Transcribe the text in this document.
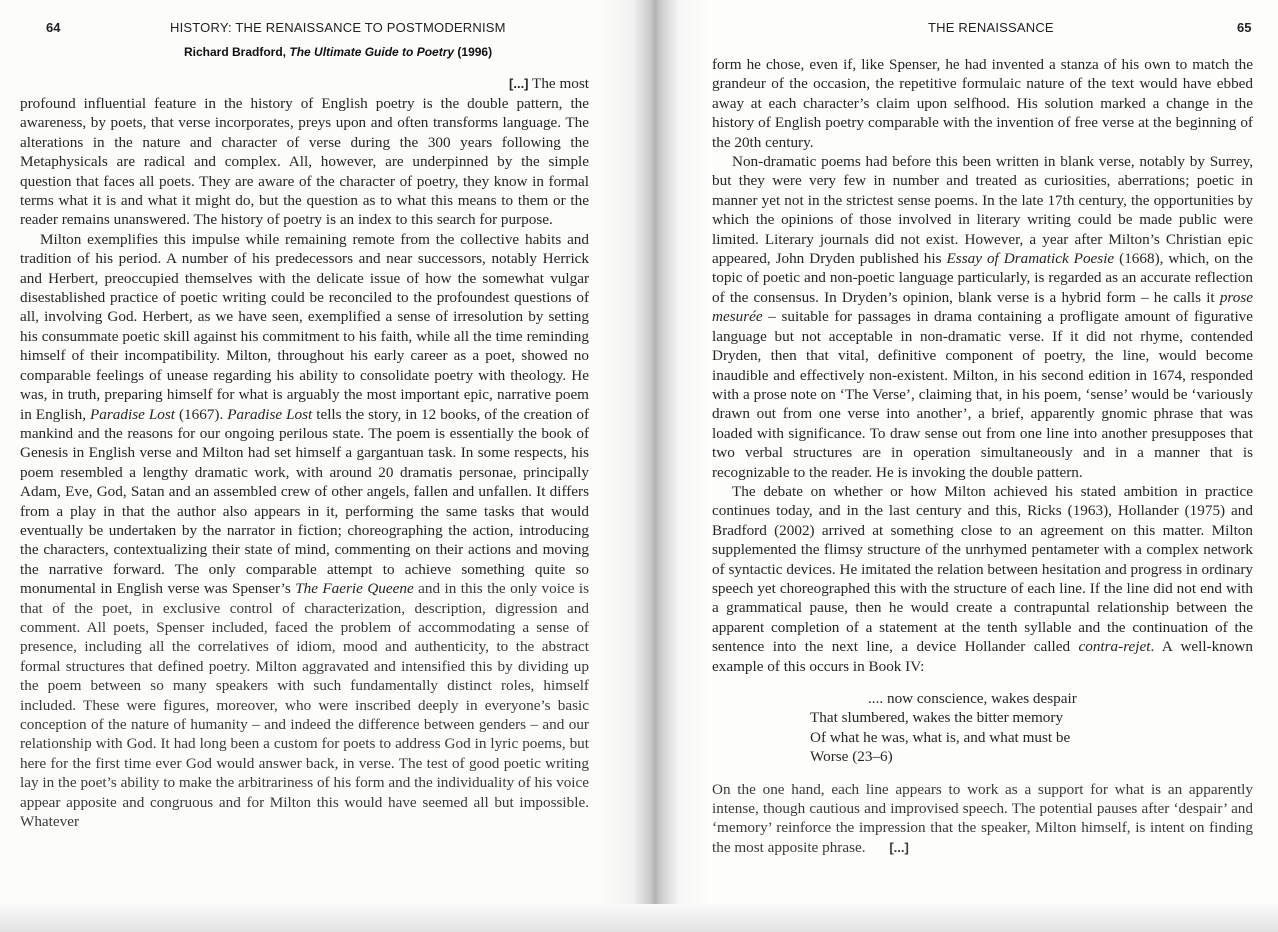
64	HISTORY: THE RENAISSANCE TO POSTMODERNISM
Richard Bradford, The Ultimate Guide to Poetry (1996)
[...] The most

profound influential feature in the history of English poetry is the double pattern, the awareness, by poets, that verse incorporates, preys upon and often transforms language. The alterations in the nature and character of verse during the 300 years following the Metaphysicals are radical and complex. All, however, are underpinned by the simple question that faces all poets. They are aware of the character of poetry, they know in formal terms what it is and what it might do, but the question as to what this means to them or the reader remains unanswered. The history of poetry is an index to this search for purpose.

Milton exemplifies this impulse while remaining remote from the collective habits and tradition of his period. A number of his predecessors and near successors, notably Herrick and Herbert, preoccupied themselves with the delicate issue of how the somewhat vulgar disestablished practice of poetic writing could be reconciled to the profoundest questions of all, involving God. Herbert, as we have seen, exemplified a sense of irresolution by setting his consummate poetic skill against his commitment to his faith, while all the time reminding himself of their incompatibility. Milton, throughout his early career as a poet, showed no comparable feelings of unease regarding his ability to consolidate poetry with theology. He was, in truth, preparing himself for what is arguably the most important epic, narrative poem in English, Paradise Lost (1667). Paradise Lost tells the story, in 12 books, of the creation of mankind and the reasons for our ongoing perilous state. The poem is essentially the book of Genesis in English verse and Milton had set himself a gargantuan task. In some respects, his poem resembled a lengthy dramatic work, with around 20 dramatis personae, principally Adam, Eve, God, Satan and an assembled crew of other angels, fallen and unfallen. It differs from a play in that the author also appears in it, performing the same tasks that would eventually be undertaken by the narrator in fiction; choreographing the action, introducing the characters, contextualizing their state of mind, commenting on their actions and moving the narrative forward. The only comparable attempt to achieve something quite so monumental in English verse was Spenser’s The Faerie Queene and in this the only voice is that of the poet, in exclusive control of characterization, description, digression and comment. All poets, Spenser included, faced the problem of accommodating a sense of presence, including all the correlatives of idiom, mood and authenticity, to the abstract formal structures that defined poetry. Milton aggravated and intensified this by dividing up the poem between so many speakers with such fundamentally distinct roles, himself included. These were figures, moreover, who were inscribed deeply in everyone’s basic conception of the nature of humanity – and indeed the difference between genders – and our relationship with God. It had long been a custom for poets to address God in lyric poems, but here for the first time ever God would answer back, in verse. The test of good poetic writing lay in the poet’s ability to make the arbitrariness of his form and the individuality of his voice appear apposite and congruous and for Milton this would have seemed all but impossible. Whatever

THE RENAISSANCE	65

form he chose, even if, like Spenser, he had invented a stanza of his own to match the grandeur of the occasion, the repetitive formulaic nature of the text would have ebbed away at each character’s claim upon selfhood. His solution marked a change in the history of English poetry comparable with the invention of free verse at the beginning of the 20th century.

Non-dramatic poems had before this been written in blank verse, notably by Surrey, but they were very few in number and treated as curiosities, aberrations; poetic in manner yet not in the strictest sense poems. In the late 17th century, the opportunities by which the opinions of those involved in literary writing could be made public were limited. Literary journals did not exist. However, a year after Milton’s Christian epic appeared, John Dryden published his Essay of Dramatick Poesie (1668), which, on the topic of poetic and non-poetic language particularly, is regarded as an accurate reflection of the consensus. In Dryden’s opinion, blank verse is a hybrid form – he calls it prose mesurée – suitable for passages in drama containing a profligate amount of figurative language but not acceptable in non-dramatic verse. If it did not rhyme, contended Dryden, then that vital, definitive component of poetry, the line, would become inaudible and effectively non-existent. Milton, in his second edition in 1674, responded with a prose note on ‘The Verse’, claiming that, in his poem, ‘sense’ would be ‘variously drawn out from one verse into another’, a brief, apparently gnomic phrase that was loaded with significance. To draw sense out from one line into another presupposes that two verbal structures are in operation simultaneously and in a manner that is recognizable to the reader. He is invoking the double pattern.

The debate on whether or how Milton achieved his stated ambition in practice continues today, and in the last century and this, Ricks (1963), Hollander (1975) and Bradford (2002) arrived at something close to an agreement on this matter. Milton supplemented the flimsy structure of the unrhymed pentameter with a complex network of syntactic devices. He imitated the relation between hesitation and progress in ordinary speech yet choreographed this with the structure of each line. If the line did not end with a grammatical pause, then he would create a contrapuntal relationship between the apparent completion of a statement at the tenth syllable and the continuation of the sentence into the next line, a device Hollander called contra-rejet. A well-known example of this occurs in Book IV:

.... now conscience, wakes despair
That slumbered, wakes the bitter memory
Of what he was, what is, and what must be
Worse (23–6)

On the one hand, each line appears to work as a support for what is an apparently intense, though cautious and improvised speech. The potential pauses after ‘despair’ and ‘memory’ reinforce the impression that the speaker, Milton himself, is intent on finding the most apposite phrase. [...]
